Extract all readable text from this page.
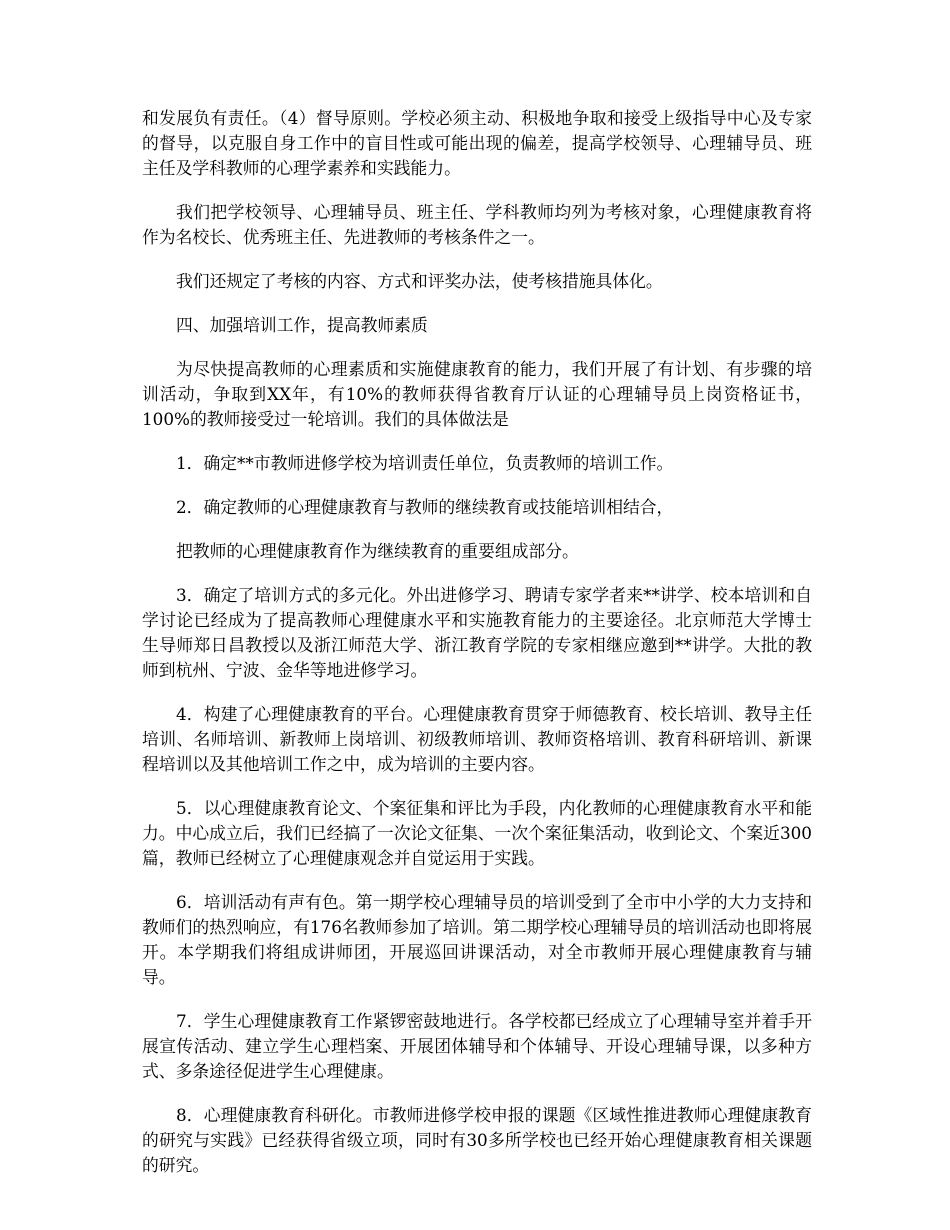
和发展负有责任。（4）督导原则。学校必须主动、积极地争取和接受上级指导中心及专家的督导，以克服自身工作中的盲目性或可能出现的偏差，提高学校领导、心理辅导员、班主任及学科教师的心理学素养和实践能力。

我们把学校领导、心理辅导员、班主任、学科教师均列为考核对象，心理健康教育将作为名校长、优秀班主任、先进教师的考核条件之一。

我们还规定了考核的内容、方式和评奖办法，使考核措施具体化。

四、加强培训工作，提高教师素质

为尽快提高教师的心理素质和实施健康教育的能力，我们开展了有计划、有步骤的培训活动，争取到XX年，有10%的教师获得省教育厅认证的心理辅导员上岗资格证书，100%的教师接受过一轮培训。我们的具体做法是

1．确定**市教师进修学校为培训责任单位，负责教师的培训工作。

2．确定教师的心理健康教育与教师的继续教育或技能培训相结合，

把教师的心理健康教育作为继续教育的重要组成部分。

3．确定了培训方式的多元化。外出进修学习、聘请专家学者来**讲学、校本培训和自学讨论已经成为了提高教师心理健康水平和实施教育能力的主要途径。北京师范大学博士生导师郑日昌教授以及浙江师范大学、浙江教育学院的专家相继应邀到**讲学。大批的教师到杭州、宁波、金华等地进修学习。

4．构建了心理健康教育的平台。心理健康教育贯穿于师德教育、校长培训、教导主任培训、名师培训、新教师上岗培训、初级教师培训、教师资格培训、教育科研培训、新课程培训以及其他培训工作之中，成为培训的主要内容。

5．以心理健康教育论文、个案征集和评比为手段，内化教师的心理健康教育水平和能力。中心成立后，我们已经搞了一次论文征集、一次个案征集活动，收到论文、个案近300篇，教师已经树立了心理健康观念并自觉运用于实践。

6．培训活动有声有色。第一期学校心理辅导员的培训受到了全市中小学的大力支持和教师们的热烈响应，有176名教师参加了培训。第二期学校心理辅导员的培训活动也即将展开。本学期我们将组成讲师团，开展巡回讲课活动，对全市教师开展心理健康教育与辅导。

7．学生心理健康教育工作紧锣密鼓地进行。各学校都已经成立了心理辅导室并着手开展宣传活动、建立学生心理档案、开展团体辅导和个体辅导、开设心理辅导课，以多种方式、多条途径促进学生心理健康。

8．心理健康教育科研化。市教师进修学校申报的课题《区域性推进教师心理健康教育的研究与实践》已经获得省级立项，同时有30多所学校也已经开始心理健康教育相关课题的研究。
